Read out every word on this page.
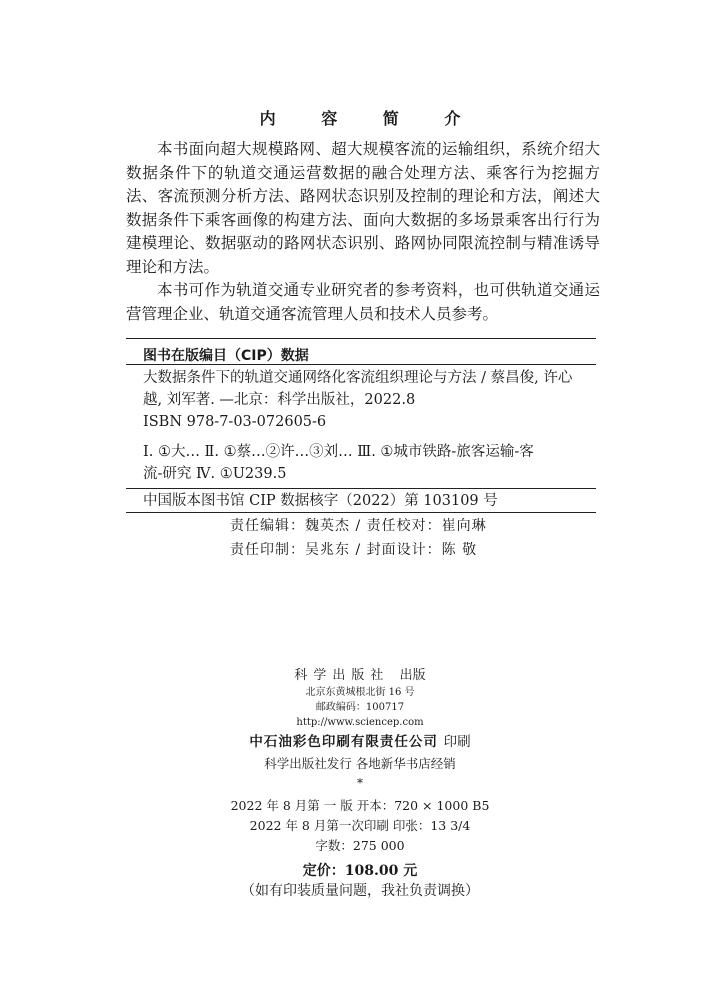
内 容 简 介

本书面向超大规模路网、超大规模客流的运输组织，系统介绍大数据条件下的轨道交通运营数据的融合处理方法、乘客行为挖掘方法、客流预测分析方法、路网状态识别及控制的理论和方法，阐述大数据条件下乘客画像的构建方法、面向大数据的多场景乘客出行行为建模理论、数据驱动的路网状态识别、路网协同限流控制与精准诱导理论和方法。

本书可作为轨道交通专业研究者的参考资料，也可供轨道交通运营管理企业、轨道交通客流管理人员和技术人员参考。

图书在版编目（CIP）数据
大数据条件下的轨道交通网络化客流组织理论与方法 / 蔡昌俊, 许心
越, 刘军著. —北京：科学出版社，2022.8
ISBN 978-7-03-072605-6
Ⅰ. ①大… Ⅱ. ①蔡…②许…③刘… Ⅲ. ①城市铁路-旅客运输-客
流-研究 Ⅳ. ①U239.5
中国版本图书馆 CIP 数据核字（2022）第 103109 号
责任编辑：魏英杰 / 责任校对：崔向琳
责任印制：吴兆东 / 封面设计：陈 敬
科学出版社 出版
北京东黄城根北街 16 号
邮政编码：100717
http://www.sciencep.com
中石油彩色印刷有限责任公司 印刷
科学出版社发行 各地新华书店经销
*
2022 年 8 月第 一 版 开本：720 × 1000 B5
2022 年 8 月第一次印刷 印张：13 3/4
字数：275 000
定价：108.00 元
（如有印装质量问题，我社负责调换）
